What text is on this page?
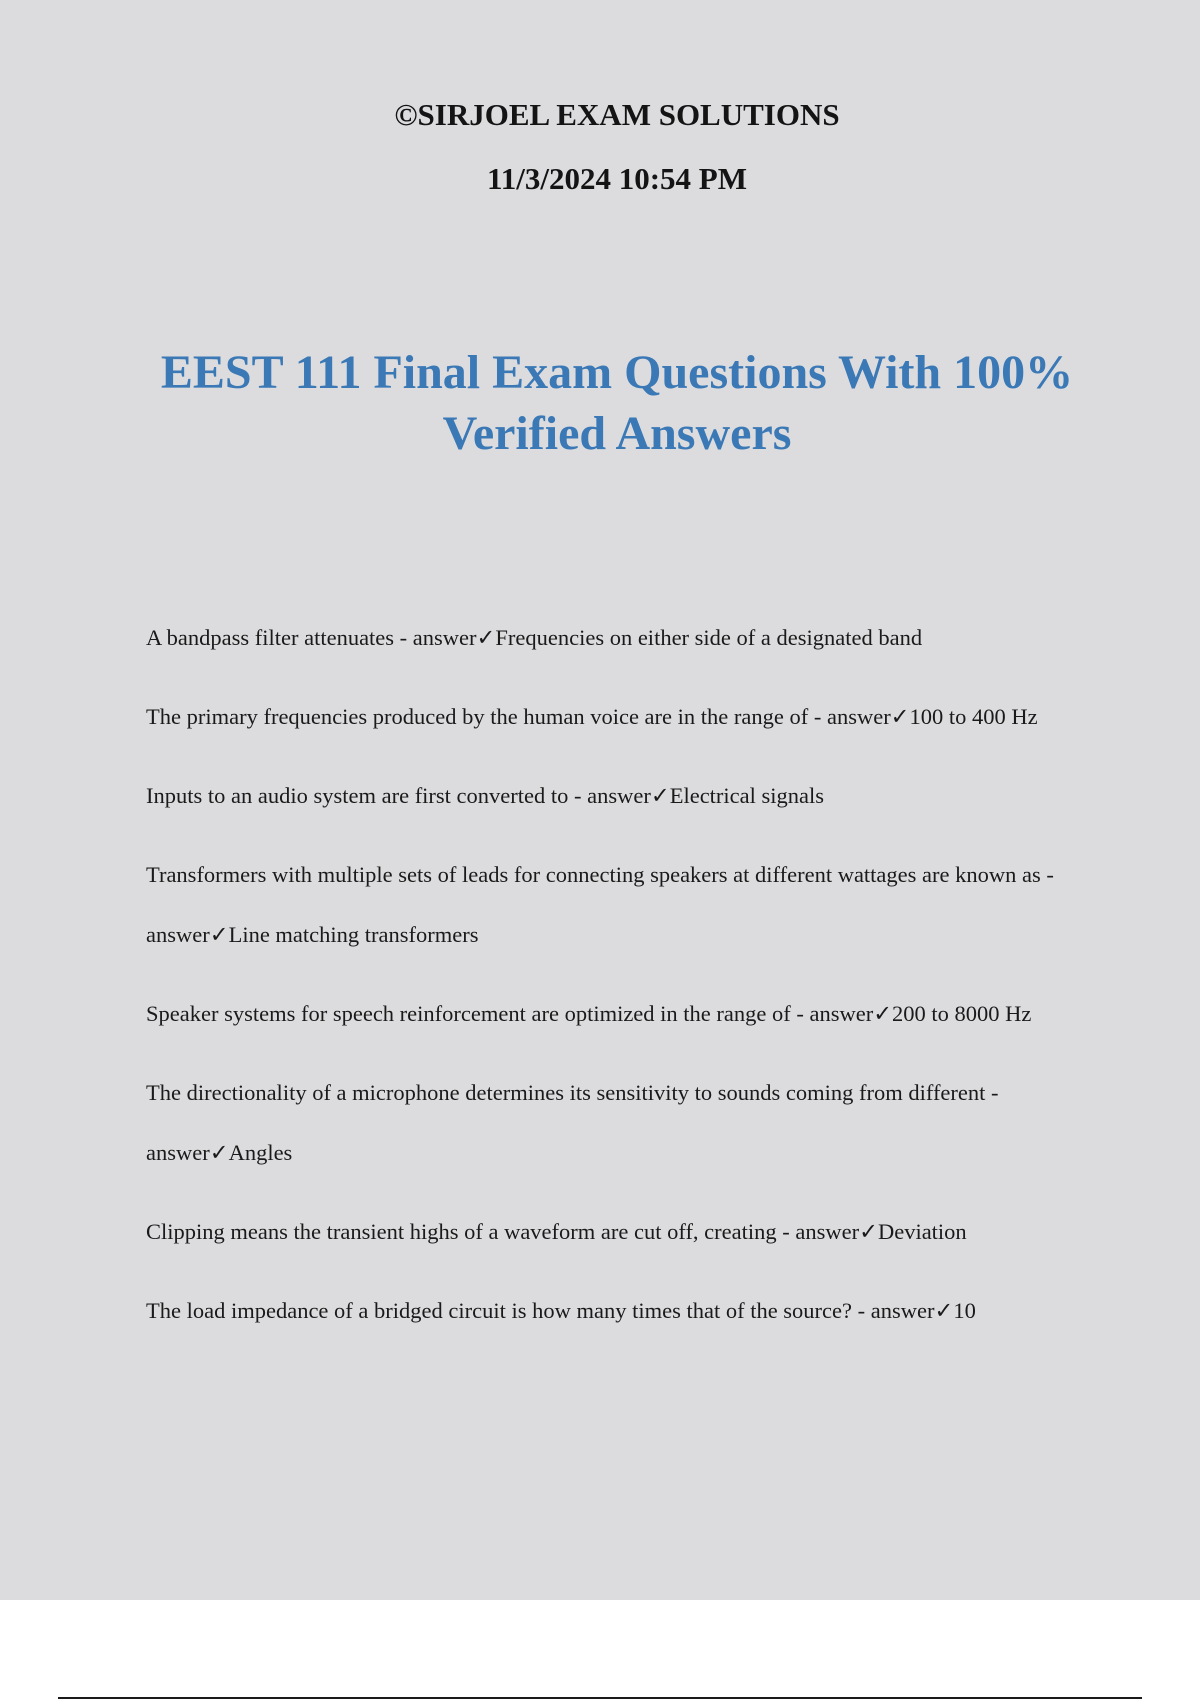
©SIRJOEL EXAM SOLUTIONS
11/3/2024 10:54 PM
EEST 111 Final Exam Questions With 100% Verified Answers

A bandpass filter attenuates - answer✓Frequencies on either side of a designated band

The primary frequencies produced by the human voice are in the range of - answer✓100 to 400 Hz

Inputs to an audio system are first converted to - answer✓Electrical signals

Transformers with multiple sets of leads for connecting speakers at different wattages are known as - answer✓Line matching transformers

Speaker systems for speech reinforcement are optimized in the range of - answer✓200 to 8000 Hz

The directionality of a microphone determines its sensitivity to sounds coming from different - answer✓Angles

Clipping means the transient highs of a waveform are cut off, creating - answer✓Deviation

The load impedance of a bridged circuit is how many times that of the source? - answer✓10
